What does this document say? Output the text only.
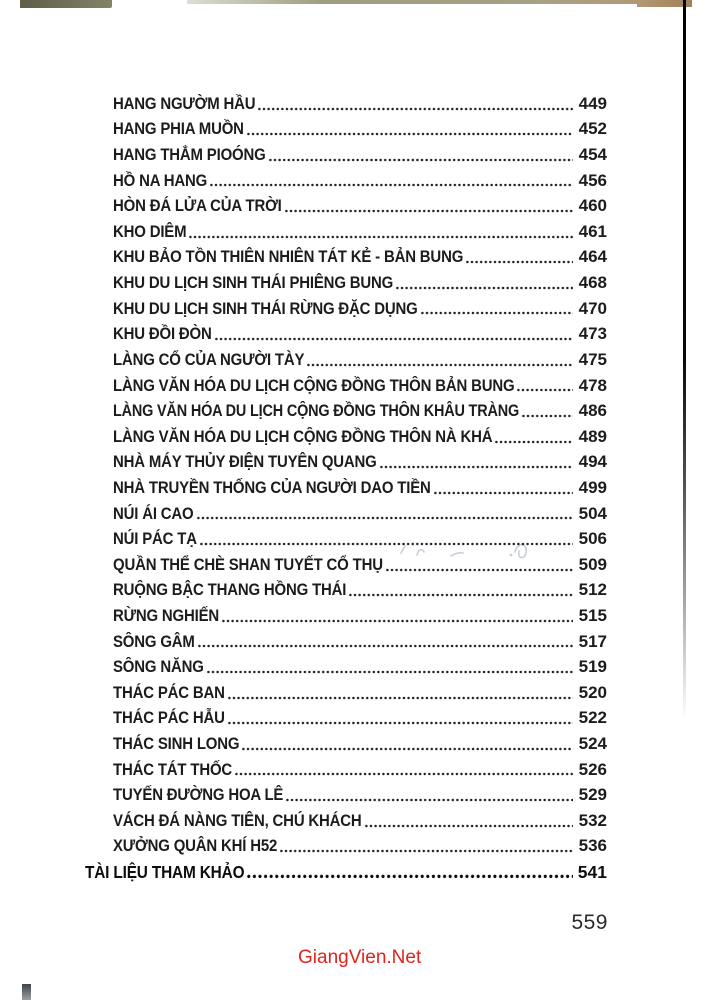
HANG NGƯỜM HẦU	449
HANG PHIA MUỒN	452
HANG THẲM PIOÓNG	454
HỒ NA HANG	456
HÒN ĐÁ LỬA CỦA TRỜI	460
KHO DIÊM	461
KHU BẢO TỒN THIÊN NHIÊN TÁT KẺ - BẢN BUNG	464
KHU DU LỊCH SINH THÁI PHIÊNG BUNG	468
KHU DU LỊCH SINH THÁI RỪNG ĐẶC DỤNG	470
KHU ĐỒI ĐÒN	473
LÀNG CỔ CỦA NGƯỜI TÀY	475
LÀNG VĂN HÓA DU LỊCH CỘNG ĐỒNG THÔN BẢN BUNG	478
LÀNG VĂN HÓA DU LỊCH CỘNG ĐỒNG THÔN KHÂU TRÀNG	486
LÀNG VĂN HÓA DU LỊCH CỘNG ĐỒNG THÔN NÀ KHÁ	489
NHÀ MÁY THỦY ĐIỆN TUYÊN QUANG	494
NHÀ TRUYỀN THỐNG CỦA NGƯỜI DAO TIỀN	499
NÚI ÁI CAO	504
NÚI PÁC TẠ	506
QUẦN THỂ CHÈ SHAN TUYẾT CỔ THỤ	509
RUỘNG BẬC THANG HỒNG THÁI	512
RỪNG NGHIẾN	515
SÔNG GÂM	517
SÔNG NĂNG	519
THÁC PÁC BAN	520
THÁC PÁC HẪU	522
THÁC SINH LONG	524
THÁC TÁT THỐC	526
TUYẾN ĐƯỜNG HOA LÊ	529
VÁCH ĐÁ NÀNG TIÊN, CHÚ KHÁCH	532
XƯỞNG QUÂN KHÍ H52	536
TÀI LIỆU THAM KHẢO	541
559
GiangVien.Net
